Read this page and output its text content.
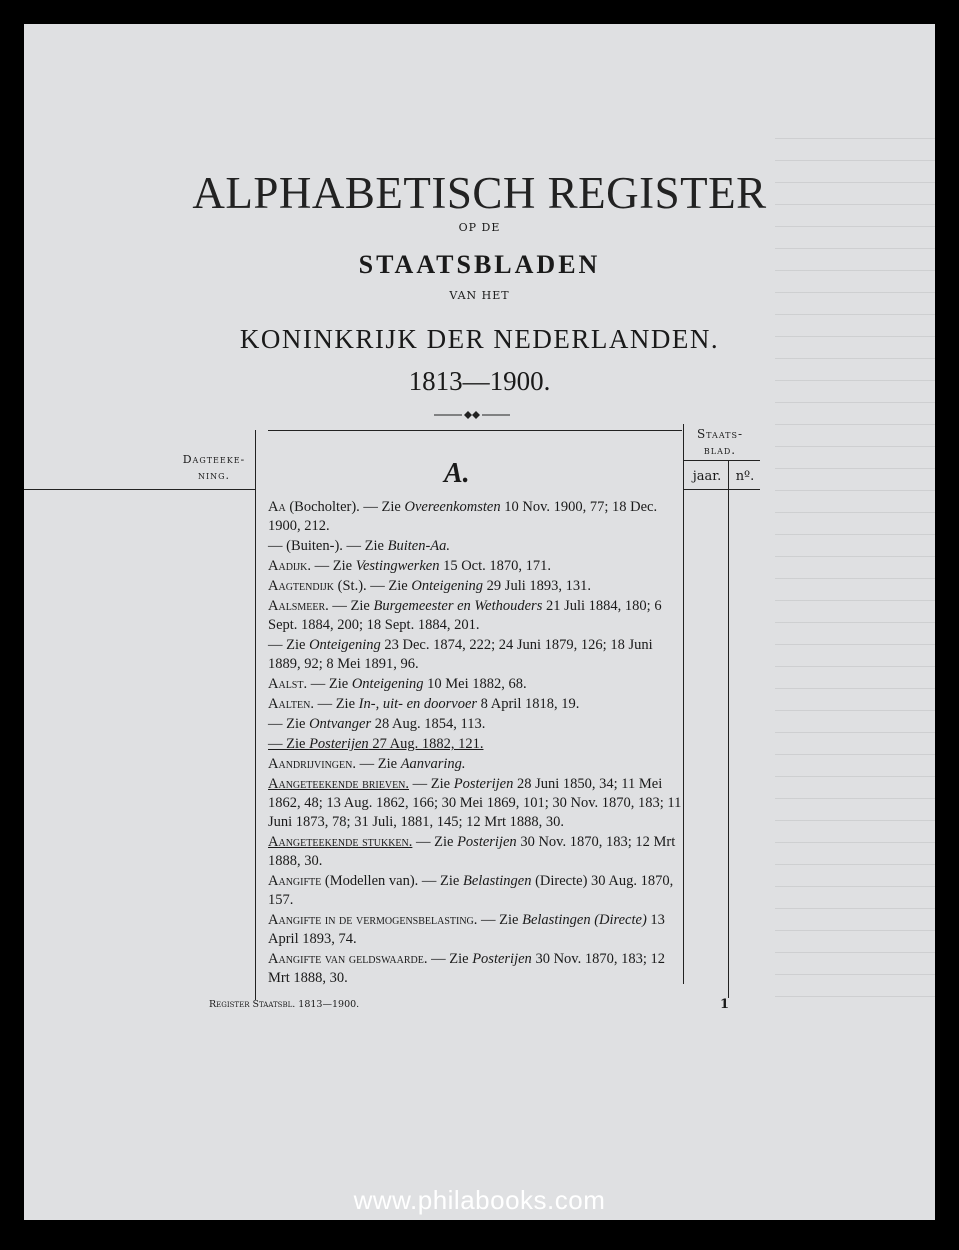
ALPHABETISCH REGISTER
OP DE
STAATSBLADEN
VAN HET
KONINKRIJK DER NEDERLANDEN.
1813—1900.
Dagteeke-
ning.
Staats-
blad.
jaar.	nº.
A.

Aa (Bocholter). — Zie Overeenkomsten 10 Nov. 1900, 77; 18 Dec. 1900, 212.

— (Buiten-). — Zie Buiten-Aa.

Aadijk. — Zie Vestingwerken 15 Oct. 1870, 171.

Aagtendijk (St.). — Zie Onteigening 29 Juli 1893, 131.

Aalsmeer. — Zie Burgemeester en Wethouders 21 Juli 1884, 180; 6 Sept. 1884, 200; 18 Sept. 1884, 201.

— Zie Onteigening 23 Dec. 1874, 222; 24 Juni 1879, 126; 18 Juni 1889, 92; 8 Mei 1891, 96.

Aalst. — Zie Onteigening 10 Mei 1882, 68.

Aalten. — Zie In-, uit- en doorvoer 8 April 1818, 19.

— Zie Ontvanger 28 Aug. 1854, 113.

— Zie Posterijen 27 Aug. 1882, 121.

Aandrijvingen. — Zie Aanvaring.

Aangeteekende brieven. — Zie Posterijen 28 Juni 1850, 34; 11 Mei 1862, 48; 13 Aug. 1862, 166; 30 Mei 1869, 101; 30 Nov. 1870, 183; 11 Juni 1873, 78; 31 Juli, 1881, 145; 12 Mrt 1888, 30.

Aangeteekende stukken. — Zie Posterijen 30 Nov. 1870, 183; 12 Mrt 1888, 30.

Aangifte (Modellen van). — Zie Belastingen (Directe) 30 Aug. 1870, 157.

Aangifte in de vermogensbelasting. — Zie Belastingen (Directe) 13 April 1893, 74.

Aangifte van geldswaarde. — Zie Posterijen 30 Nov. 1870, 183; 12 Mrt 1888, 30.

Register Staatsbl. 1813—1900.	1
www.philabooks.com
